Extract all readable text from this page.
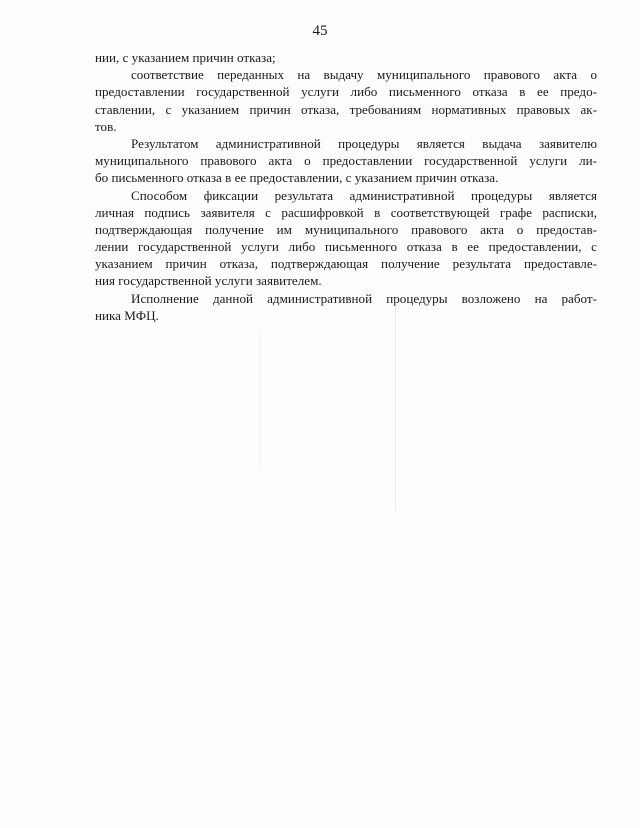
45
нии, с указанием причин отказа;
соответствие переданных на выдачу муниципального правового акта о
предоставлении государственной услуги либо письменного отказа в ее предо-
ставлении, с указанием причин отказа, требованиям нормативных правовых ак-
тов.
Результатом административной процедуры является выдача заявителю
муниципального правового акта о предоставлении государственной услуги ли-
бо письменного отказа в ее предоставлении, с указанием причин отказа.
Способом фиксации результата административной процедуры является
личная подпись заявителя с расшифровкой в соответствующей графе расписки,
подтверждающая получение им муниципального правового акта о предостав-
лении государственной услуги либо письменного отказа в ее предоставлении, с
указанием причин отказа, подтверждающая получение результата предоставле-
ния государственной услуги заявителем.
Исполнение данной административной процедуры возложено на работ-
ника МФЦ.
